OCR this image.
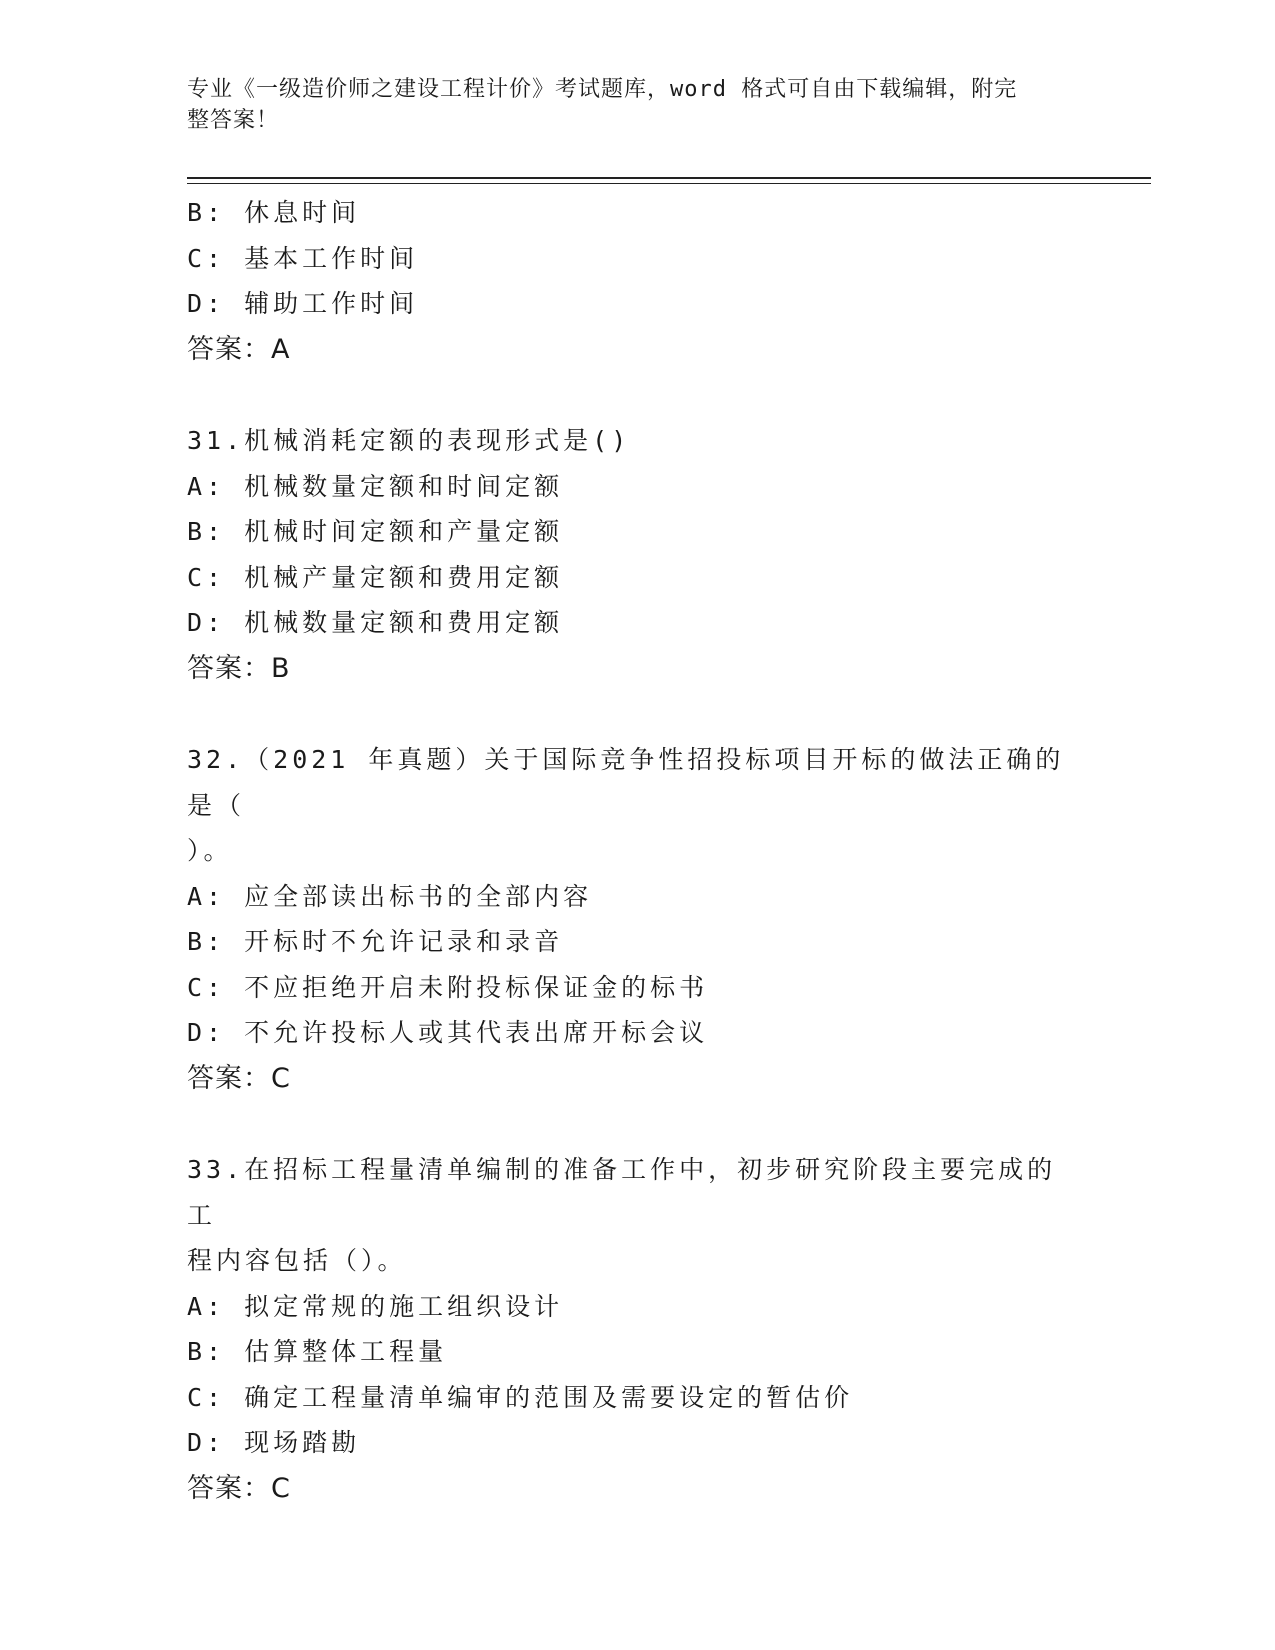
专业《一级造价师之建设工程计价》考试题库，word 格式可自由下载编辑，附完
整答案！
B: 休息时间
C: 基本工作时间
D: 辅助工作时间
答案：A
31.机械消耗定额的表现形式是()
A: 机械数量定额和时间定额
B: 机械时间定额和产量定额
C: 机械产量定额和费用定额
D: 机械数量定额和费用定额
答案：B
32.（2021 年真题）关于国际竞争性招投标项目开标的做法正确的是（
）。
A: 应全部读出标书的全部内容
B: 开标时不允许记录和录音
C: 不应拒绝开启未附投标保证金的标书
D: 不允许投标人或其代表出席开标会议
答案：C
33.在招标工程量清单编制的准备工作中，初步研究阶段主要完成的工
程内容包括（）。
A: 拟定常规的施工组织设计
B: 估算整体工程量
C: 确定工程量清单编审的范围及需要设定的暂估价
D: 现场踏勘
答案：C
